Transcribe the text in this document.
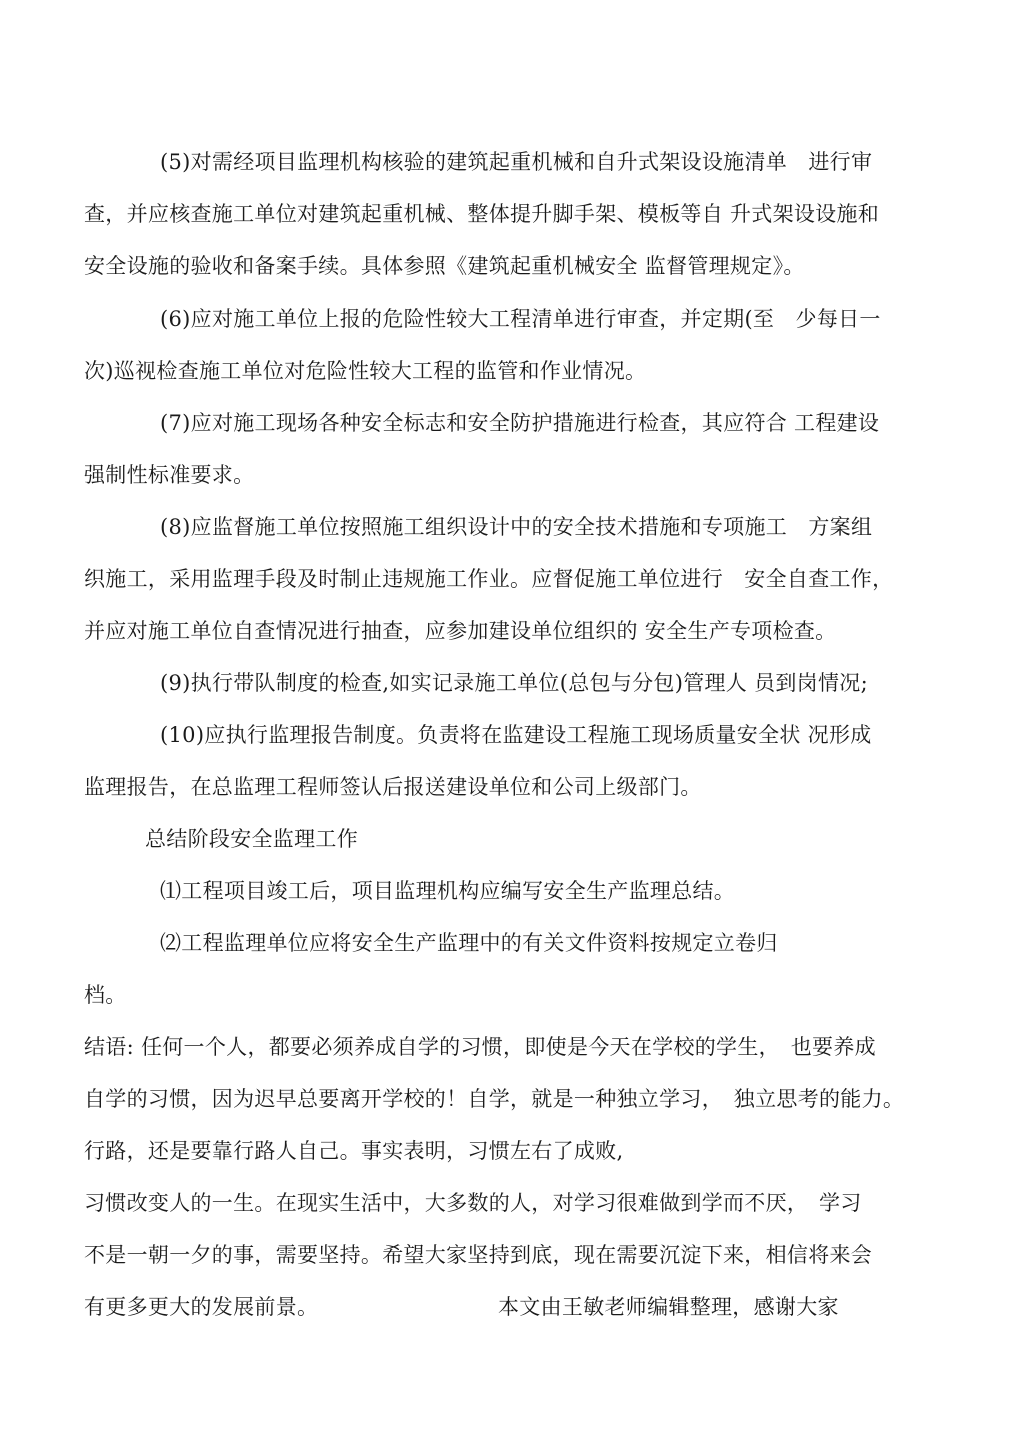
(5)对需经项目监理机构核验的建筑起重机械和自升式架设设施清单　进行审
查，并应核查施工单位对建筑起重机械、整体提升脚手架、模板等自 升式架设设施和
安全设施的验收和备案手续。具体参照《建筑起重机械安全 监督管理规定》。
(6)应对施工单位上报的危险性较大工程清单进行审查，并定期(至　少每日一
次)巡视检查施工单位对危险性较大工程的监管和作业情况。
(7)应对施工现场各种安全标志和安全防护措施进行检查，其应符合 工程建设
强制性标准要求。
(8)应监督施工单位按照施工组织设计中的安全技术措施和专项施工　方案组
织施工，采用监理手段及时制止违规施工作业。应督促施工单位进行　安全自查工作，
并应对施工单位自查情况进行抽查，应参加建设单位组织的 安全生产专项检查。
(9)执行带队制度的检查,如实记录施工单位(总包与分包)管理人 员到岗情况;
(10)应执行监理报告制度。负责将在监建设工程施工现场质量安全状 况形成
监理报告，在总监理工程师签认后报送建设单位和公司上级部门。
总结阶段安全监理工作
⑴工程项目竣工后，项目监理机构应编写安全生产监理总结。
⑵工程监理单位应将安全生产监理中的有关文件资料按规定立卷归
档。
结语: 任何一个人，都要必须养成自学的习惯，即使是今天在学校的学生，　也要养成
自学的习惯，因为迟早总要离开学校的！自学，就是一种独立学习，　独立思考的能力。
行路，还是要靠行路人自己。事实表明，习惯左右了成败,
习惯改变人的一生。在现实生活中，大多数的人，对学习很难做到学而不厌，　学习
不是一朝一夕的事，需要坚持。希望大家坚持到底，现在需要沉淀下来，相信将来会
有更多更大的发展前景。	本文由王敏老师编辑整理，感谢大家
